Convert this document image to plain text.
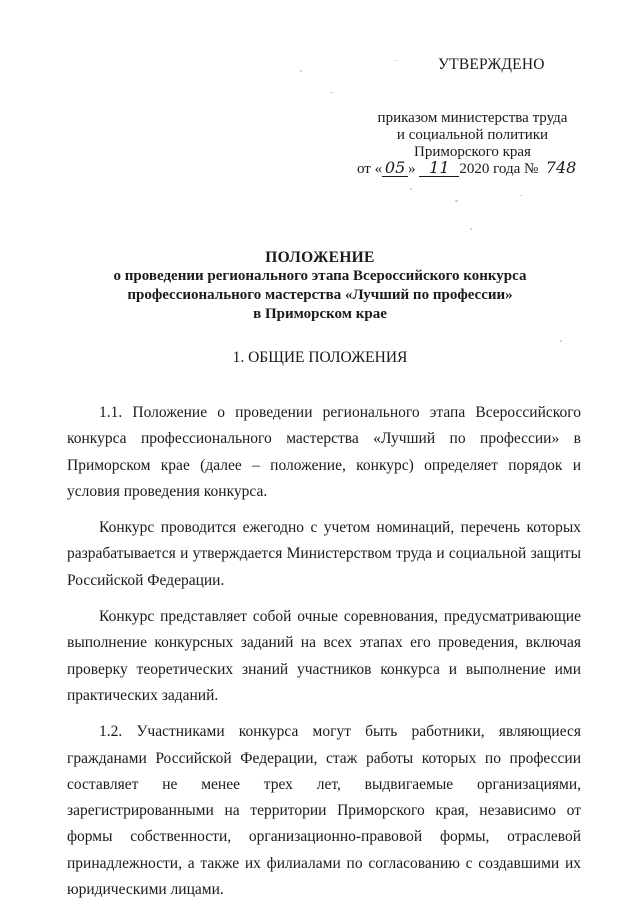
УТВЕРЖДЕНО
приказом министерства труда
и социальной политики
Приморского края
от « 05 » 11 2020 года № 748
ПОЛОЖЕНИЕ
о проведении регионального этапа Всероссийского конкурса
профессионального мастерства «Лучший по профессии»
в Приморском крае
1. ОБЩИЕ ПОЛОЖЕНИЯ

1.1. Положение о проведении регионального этапа Всероссийского конкурса профессионального мастерства «Лучший по профессии» в Приморском крае (далее – положение, конкурс) определяет порядок и условия проведения конкурса.

Конкурс проводится ежегодно с учетом номинаций, перечень которых разрабатывается и утверждается Министерством труда и социальной защиты Российской Федерации.

Конкурс представляет собой очные соревнования, предусматривающие выполнение конкурсных заданий на всех этапах его проведения, включая проверку теоретических знаний участников конкурса и выполнение ими практических заданий.

1.2. Участниками конкурса могут быть работники, являющиеся гражданами Российской Федерации, стаж работы которых по профессии составляет не менее трех лет, выдвигаемые организациями, зарегистрированными на территории Приморского края, независимо от формы собственности, организационно-правовой формы, отраслевой принадлежности, а также их филиалами по согласованию с создавшими их юридическими лицами.
